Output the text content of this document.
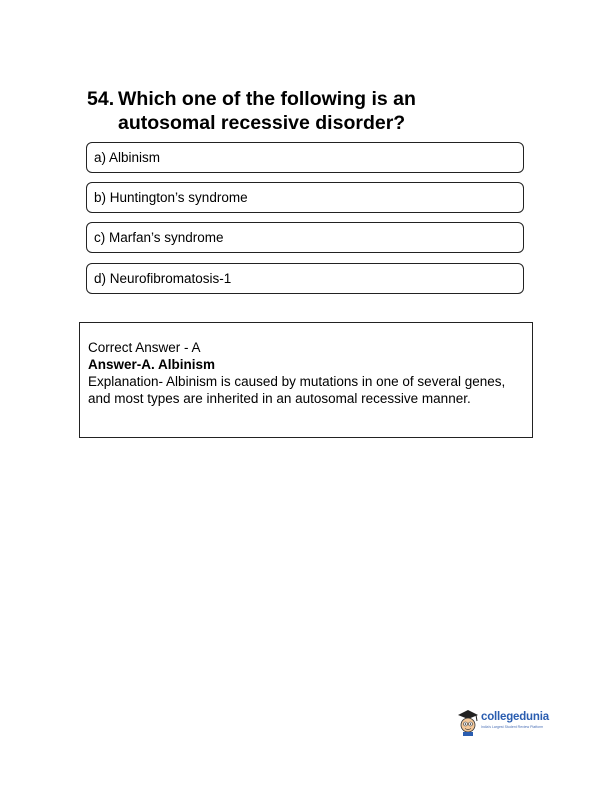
54. Which one of the following is an
autosomal recessive disorder?
a) Albinism
b) Huntington’s syndrome
c) Marfan’s syndrome
d) Neurofibromatosis-1
Correct Answer - A
Answer-A. Albinism
Explanation- Albinism is caused by mutations in one of several genes, and most types are inherited in an autosomal recessive manner.
collegedunia
India's Largest Student Review Platform
